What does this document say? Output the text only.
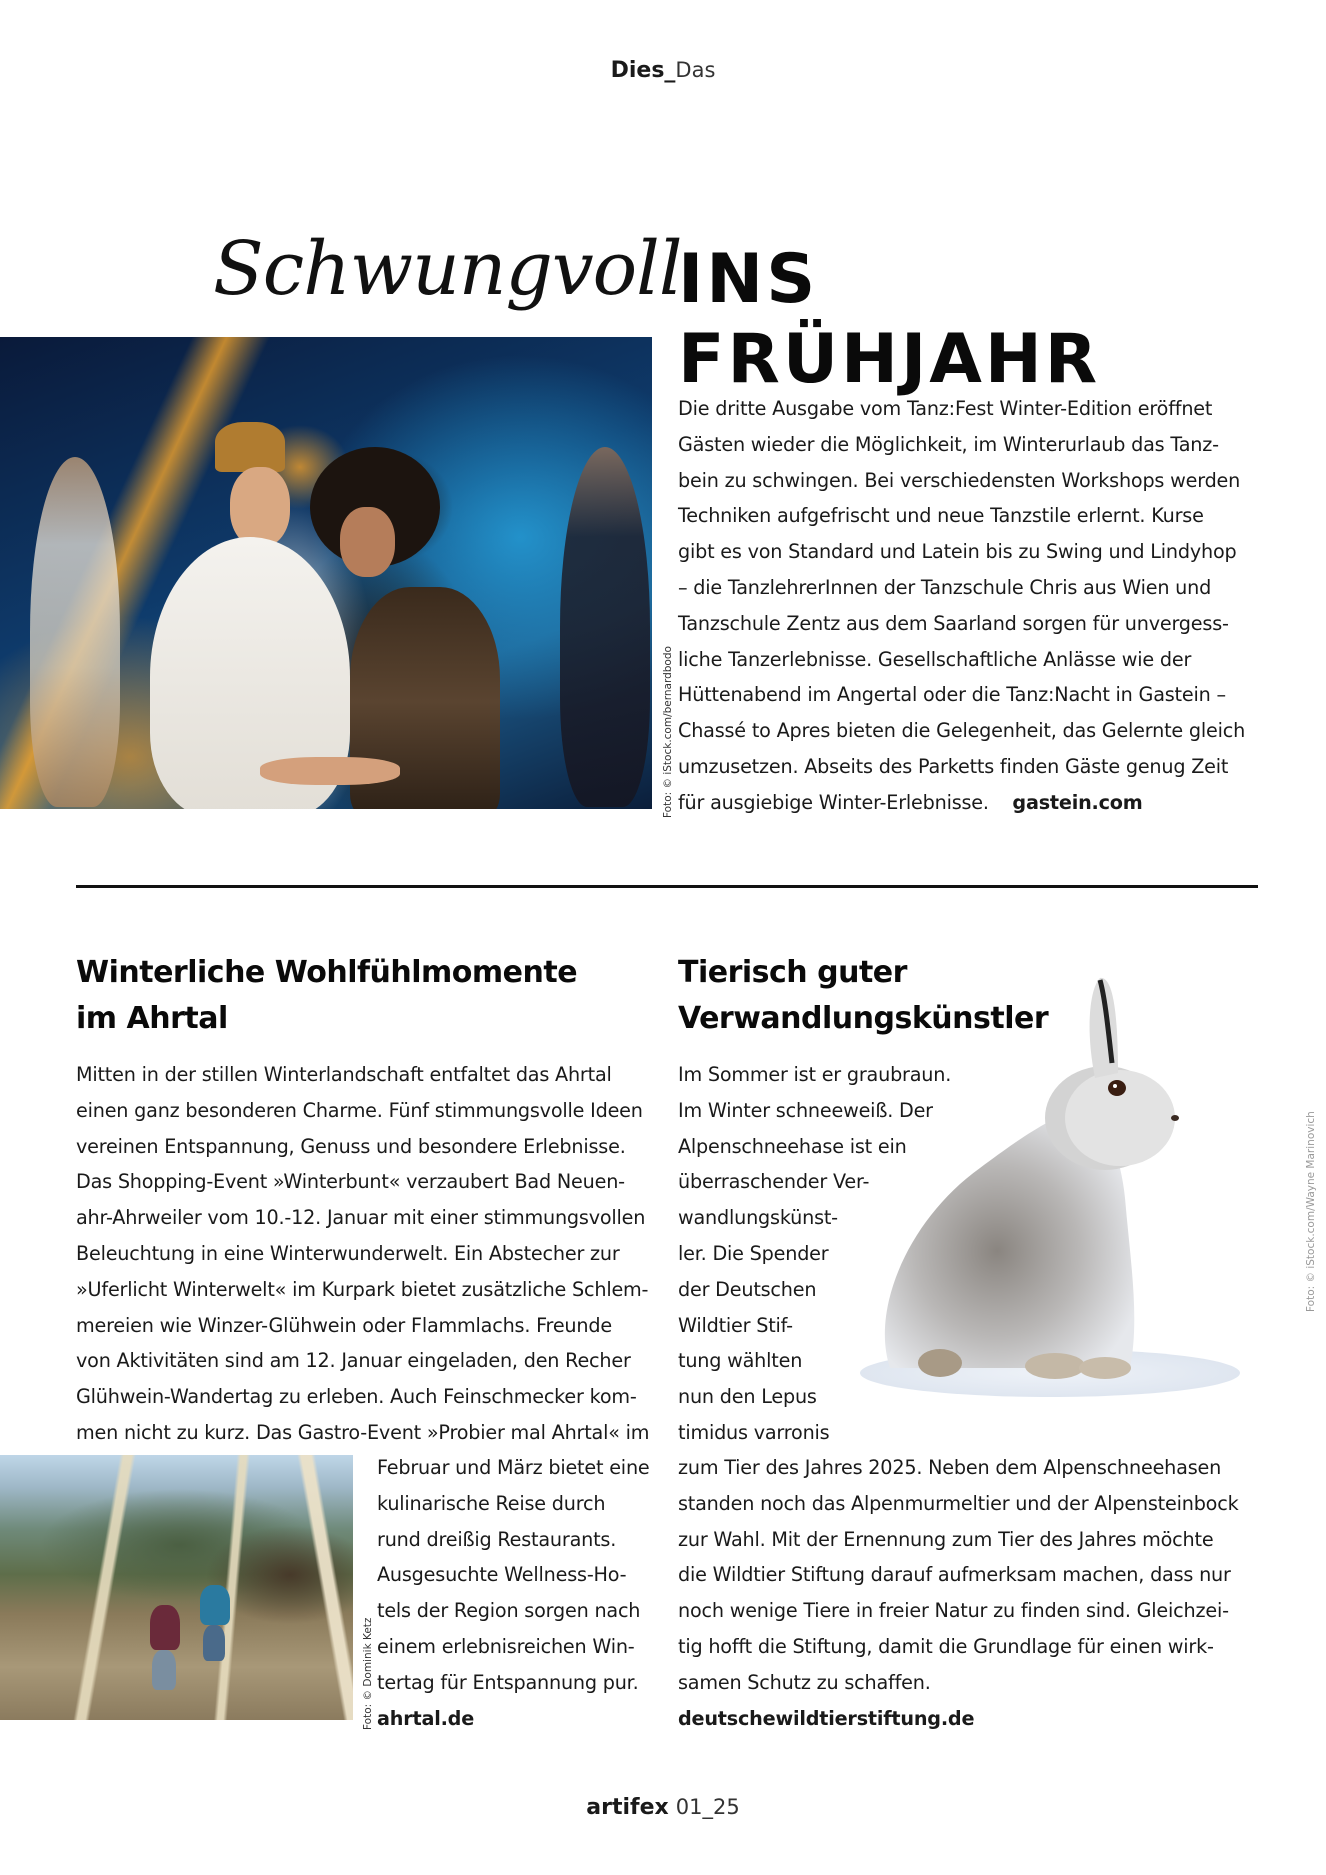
Dies_Das
Schwungvoll
INS
FRÜHJAHR
Foto: © iStock.com/bernardbodo
Die dritte Ausgabe vom Tanz:Fest Winter-Edition eröffnet
Gästen wieder die Möglichkeit, im Winterurlaub das Tanz-
bein zu schwingen. Bei verschiedensten Workshops werden
Techniken aufgefrischt und neue Tanzstile erlernt. Kurse
gibt es von Standard und Latein bis zu Swing und Lindyhop
– die TanzlehrerInnen der Tanzschule Chris aus Wien und
Tanzschule Zentz aus dem Saarland sorgen für unvergess-
liche Tanzerlebnisse. Gesellschaftliche Anlässe wie der
Hüttenabend im Angertal oder die Tanz:Nacht in Gastein –
Chassé to Apres bieten die Gelegenheit, das Gelernte gleich
umzusetzen. Abseits des Parketts finden Gäste genug Zeit
für ausgiebige Winter-Erlebnisse. gastein.com
Winterliche Wohlfühlmomente
im Ahrtal
Mitten in der stillen Winterlandschaft entfaltet das Ahrtal
einen ganz besonderen Charme. Fünf stimmungsvolle Ideen
vereinen Entspannung, Genuss und besondere Erlebnisse.
Das Shopping-Event »Winterbunt« verzaubert Bad Neuen-
ahr-Ahrweiler vom 10.-12. Januar mit einer stimmungsvollen
Beleuchtung in eine Winterwunderwelt. Ein Abstecher zur
»Uferlicht Winterwelt« im Kurpark bietet zusätzliche Schlem-
mereien wie Winzer-Glühwein oder Flammlachs. Freunde
von Aktivitäten sind am 12. Januar eingeladen, den Recher
Glühwein-Wandertag zu erleben. Auch Feinschmecker kom-
men nicht zu kurz. Das Gastro-Event »Probier mal Ahrtal« im
Foto: © Dominik Ketz
Februar und März bietet eine
kulinarische Reise durch
rund dreißig Restaurants.
Ausgesuchte Wellness-Ho-
tels der Region sorgen nach
einem erlebnisreichen Win-
tertag für Entspannung pur.
ahrtal.de
Tierisch guter
Verwandlungskünstler
Foto: © iStock.com/Wayne Marinovich
Im Sommer ist er graubraun.
Im Winter schneeweiß. Der
Alpenschneehase ist ein
überraschender Ver-
wandlungskünst-
ler. Die Spender
der Deutschen
Wildtier Stif-
tung wählten
nun den Lepus
timidus varronis
zum Tier des Jahres 2025. Neben dem Alpenschneehasen
standen noch das Alpenmurmeltier und der Alpensteinbock
zur Wahl. Mit der Ernennung zum Tier des Jahres möchte
die Wildtier Stiftung darauf aufmerksam machen, dass nur
noch wenige Tiere in freier Natur zu finden sind. Gleichzei-
tig hofft die Stiftung, damit die Grundlage für einen wirk-
samen Schutz zu schaffen.
deutschewildtierstiftung.de
artifex 01_25
